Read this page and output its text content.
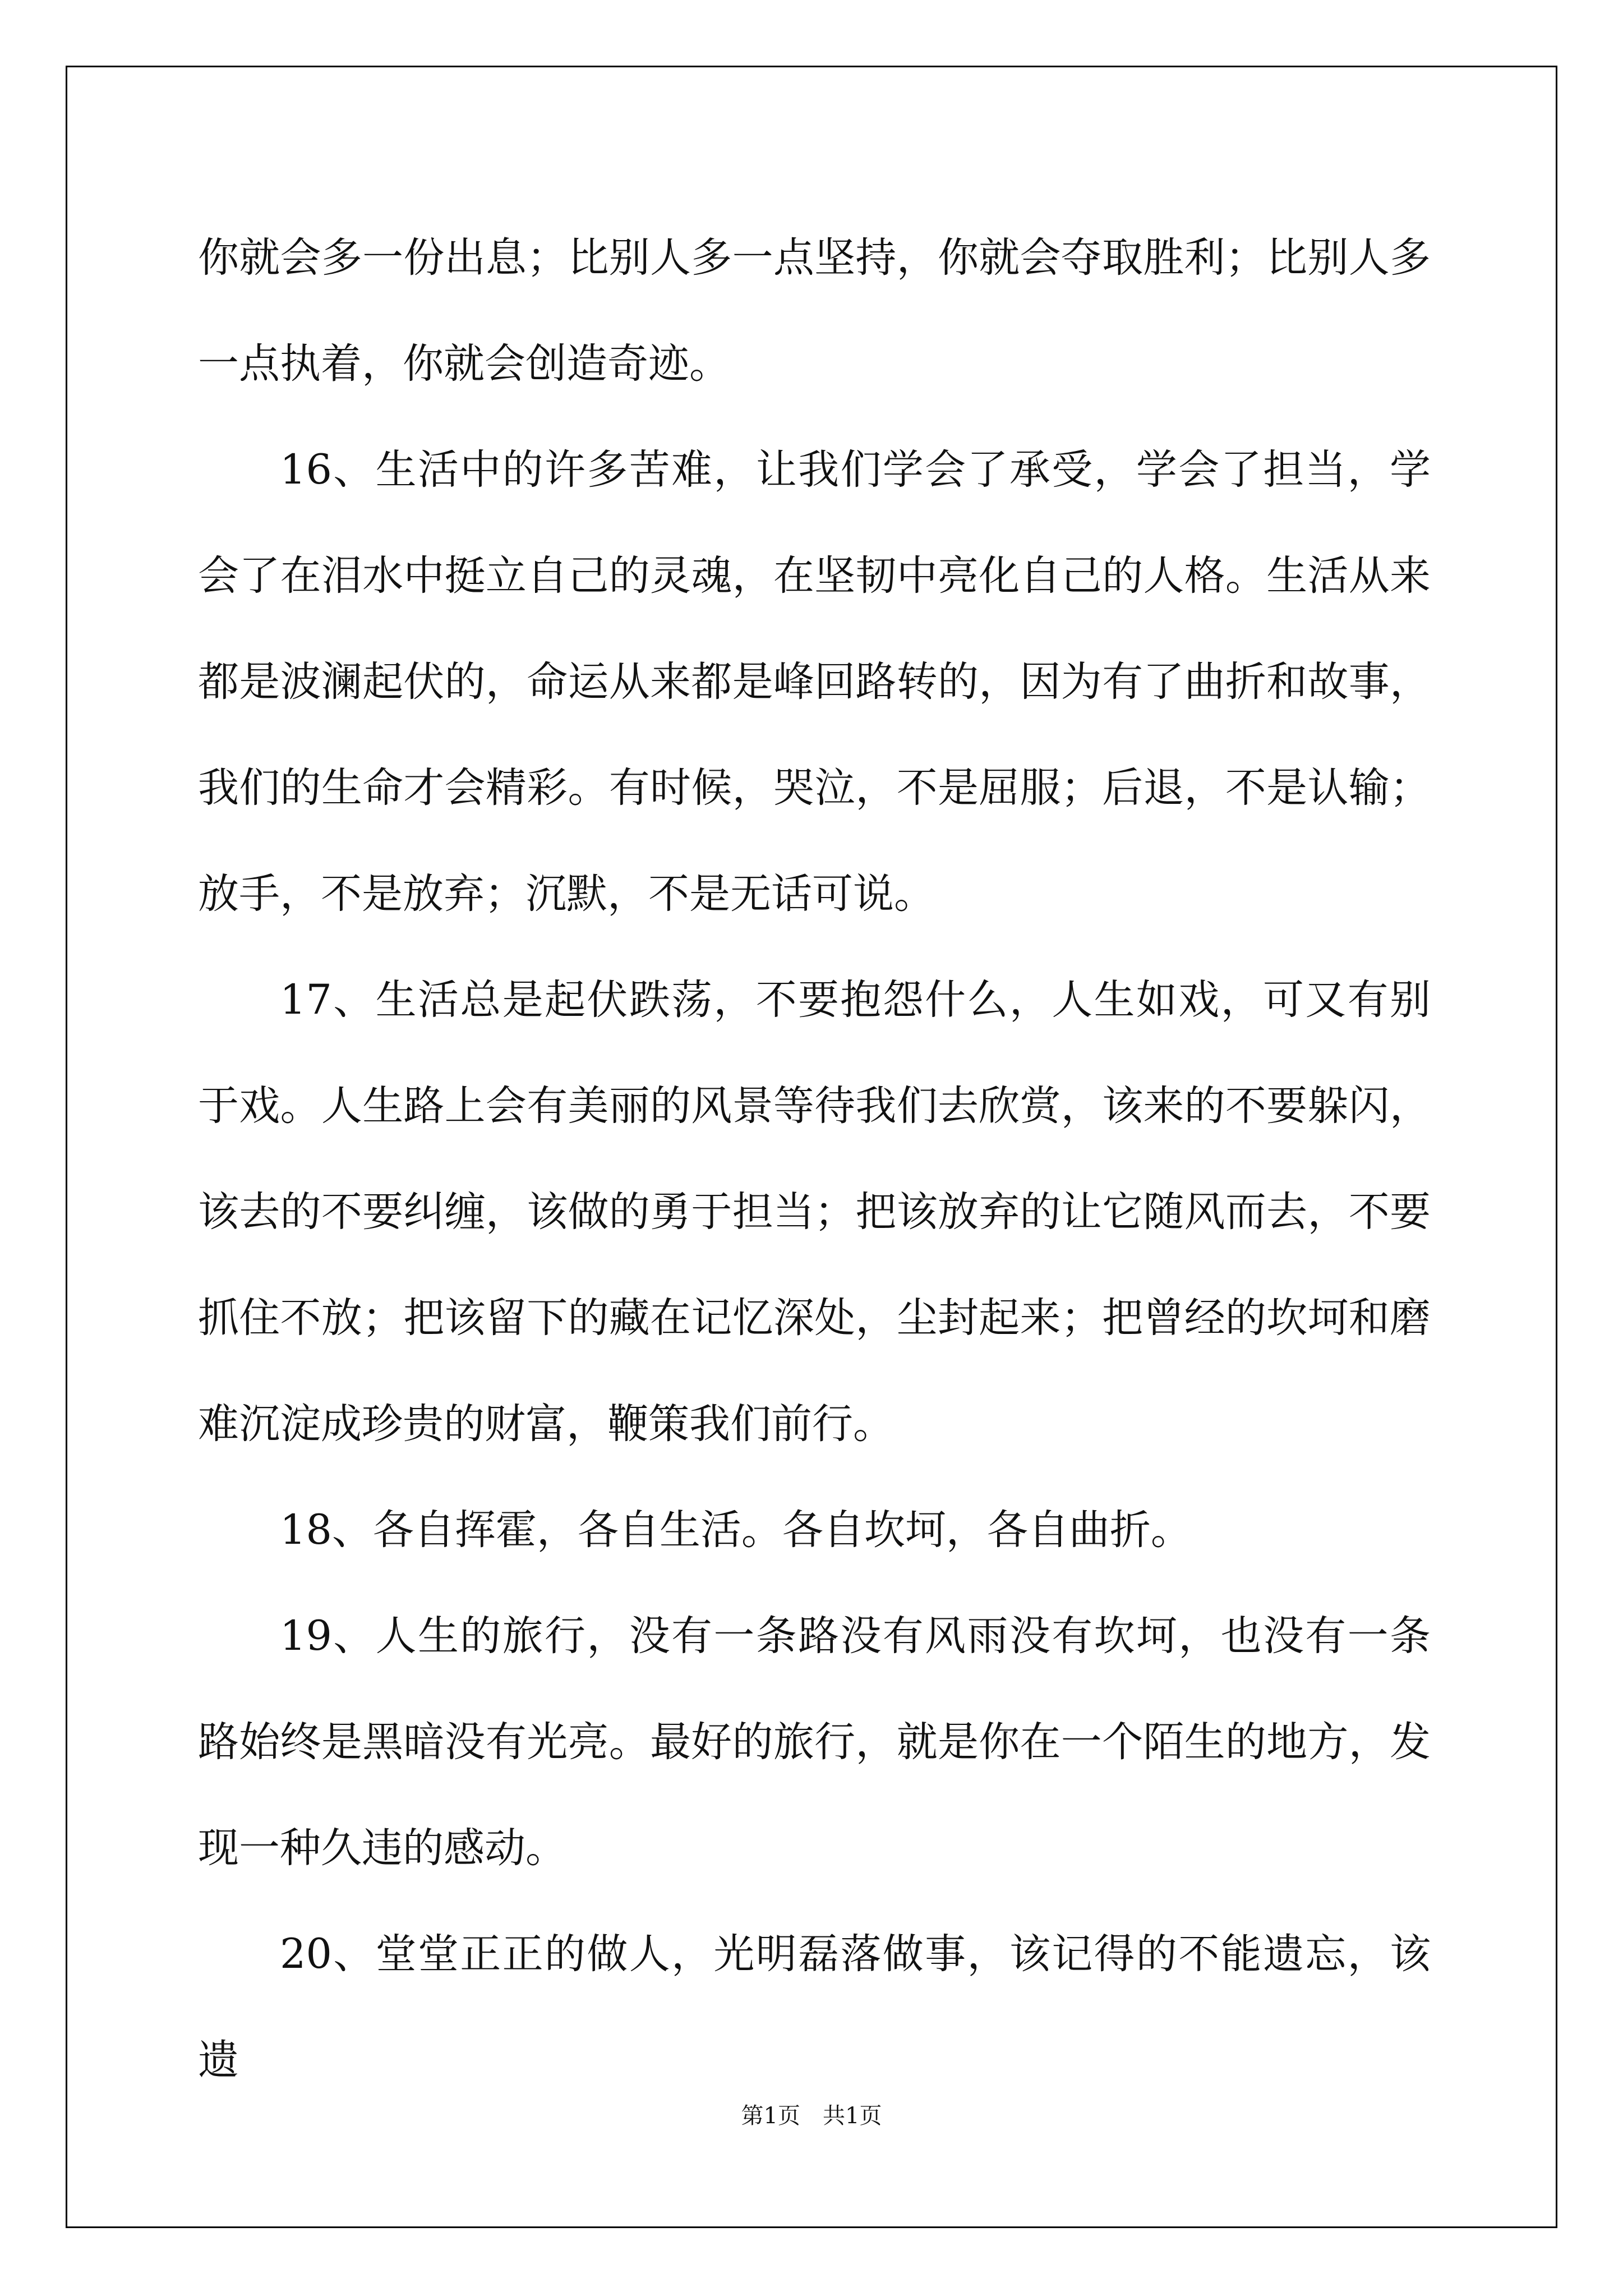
你就会多一份出息；比别人多一点坚持，你就会夺取胜利；比别人多一点执着，你就会创造奇迹。

16、生活中的许多苦难，让我们学会了承受，学会了担当，学会了在泪水中挺立自己的灵魂，在坚韧中亮化自己的人格。生活从来都是波澜起伏的，命运从来都是峰回路转的，因为有了曲折和故事，我们的生命才会精彩。有时候，哭泣，不是屈服；后退，不是认输；放手，不是放弃；沉默，不是无话可说。

17、生活总是起伏跌荡，不要抱怨什么，人生如戏，可又有别于戏。人生路上会有美丽的风景等待我们去欣赏，该来的不要躲闪，该去的不要纠缠，该做的勇于担当；把该放弃的让它随风而去，不要抓住不放；把该留下的藏在记忆深处，尘封起来；把曾经的坎坷和磨难沉淀成珍贵的财富，鞭策我们前行。

18、各自挥霍，各自生活。各自坎坷，各自曲折。

19、人生的旅行，没有一条路没有风雨没有坎坷，也没有一条路始终是黑暗没有光亮。最好的旅行，就是你在一个陌生的地方，发现一种久违的感动。

20、堂堂正正的做人，光明磊落做事，该记得的不能遗忘，该遗

第1页　共1页
